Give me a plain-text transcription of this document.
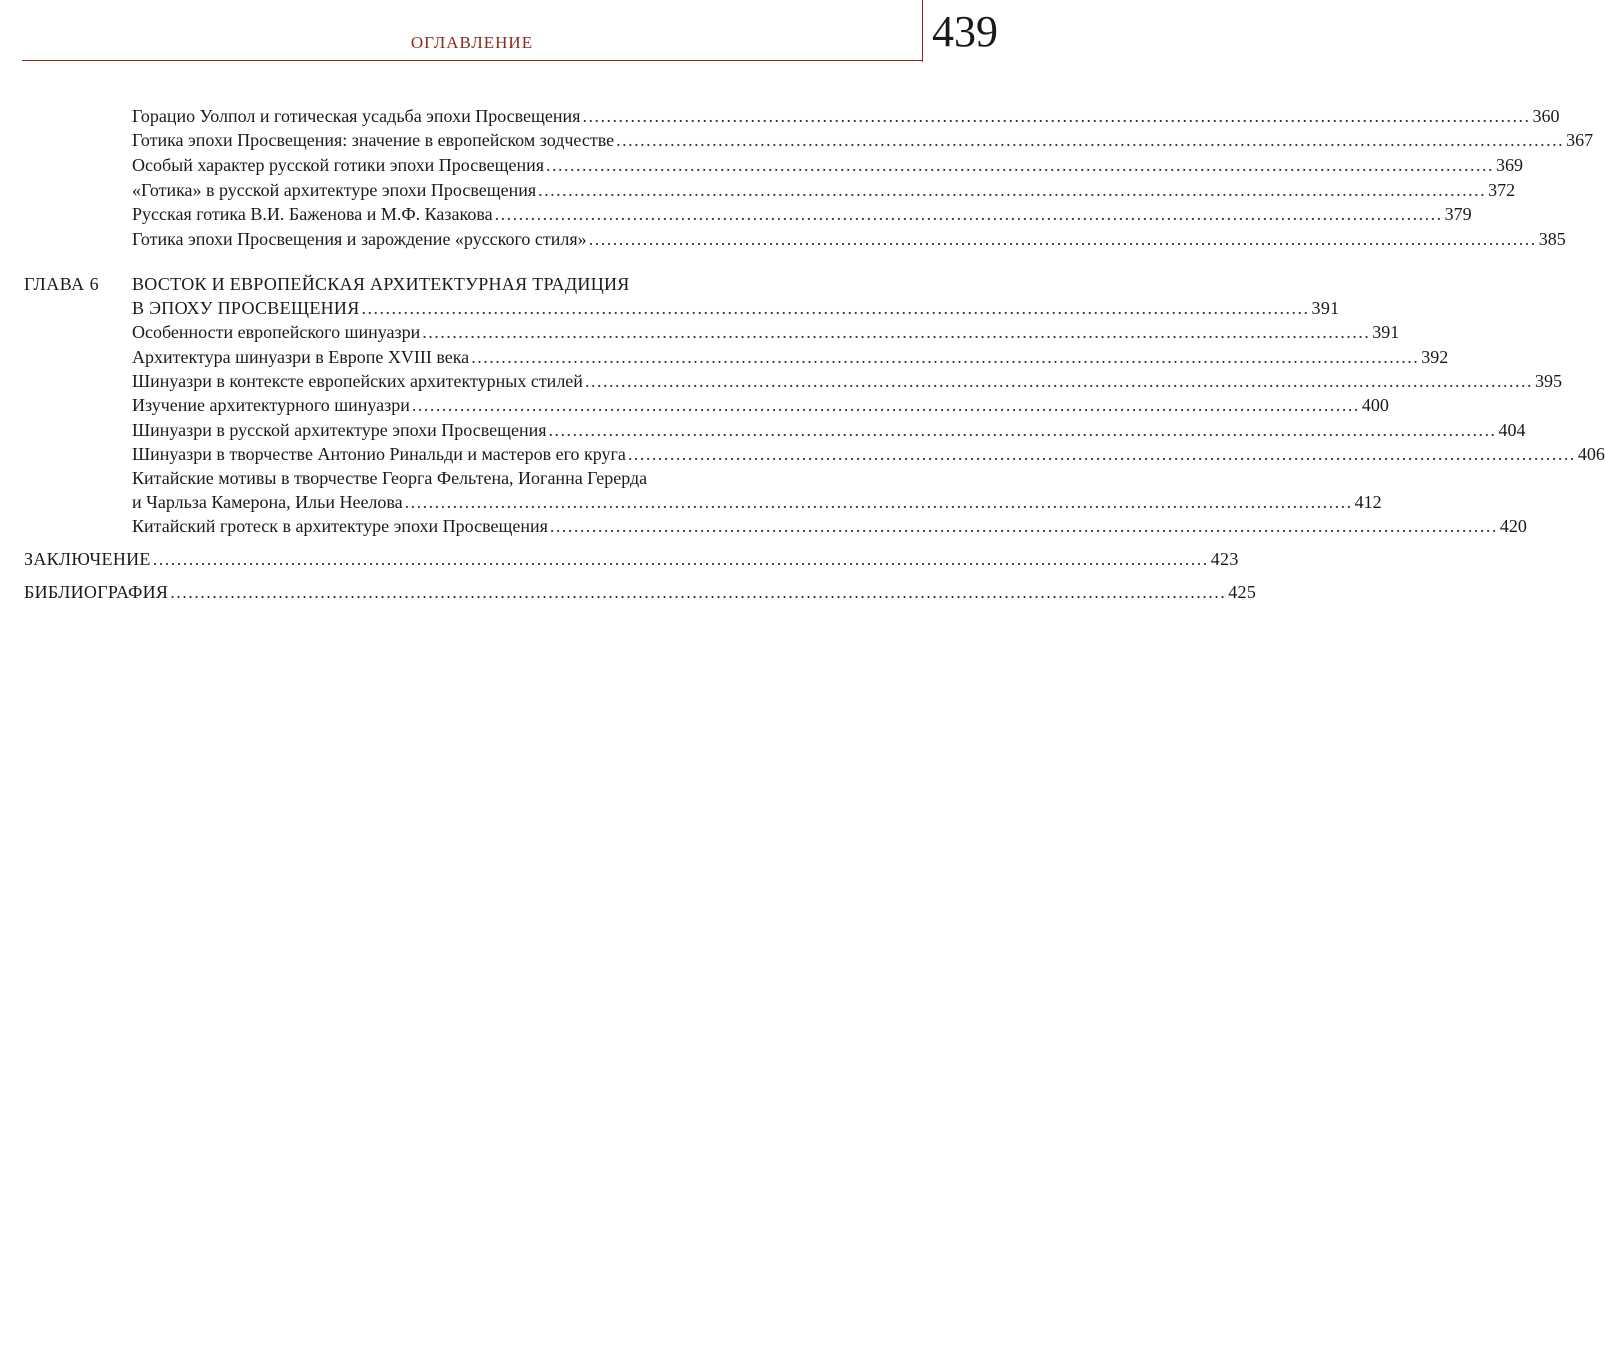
ОГЛАВЛЕНИЕ	439
Горацио Уолпол и готическая усадьба эпохи Просвещения .............................................................................................................................................................. 360
Готика эпохи Просвещения: значение в европейском зодчестве .............................................................................................................................................................. 367
Особый характер русской готики эпохи Просвещения .............................................................................................................................................................. 369
«Готика» в русской архитектуре эпохи Просвещения .............................................................................................................................................................. 372
Русская готика В.И. Баженова и М.Ф. Казакова .............................................................................................................................................................. 379
Готика эпохи Просвещения и зарождение «русского стиля» .............................................................................................................................................................. 385
ГЛАВА 6 ВОСТОК И ЕВРОПЕЙСКАЯ АРХИТЕКТУРНАЯ ТРАДИЦИЯ
В ЭПОХУ ПРОСВЕЩЕНИЯ .............................................................................................................................................................. 391
Особенности европейского шинуазри .............................................................................................................................................................. 391
Архитектура шинуазри в Европе XVIII века .............................................................................................................................................................. 392
Шинуазри в контексте европейских архитектурных стилей .............................................................................................................................................................. 395
Изучение архитектурного шинуазри .............................................................................................................................................................. 400
Шинуазри в русской архитектуре эпохи Просвещения .............................................................................................................................................................. 404
Шинуазри в творчестве Антонио Ринальди и мастеров его круга .............................................................................................................................................................. 406
Китайские мотивы в творчестве Георга Фельтена, Иоганна Герерда
и Чарльза Камерона, Ильи Неелова .............................................................................................................................................................. 412
Китайский гротеск в архитектуре эпохи Просвещения .............................................................................................................................................................. 420
ЗАКЛЮЧЕНИЕ ................................................................................................................................................................................ 423
БИБЛИОГРАФИЯ ................................................................................................................................................................................ 425
